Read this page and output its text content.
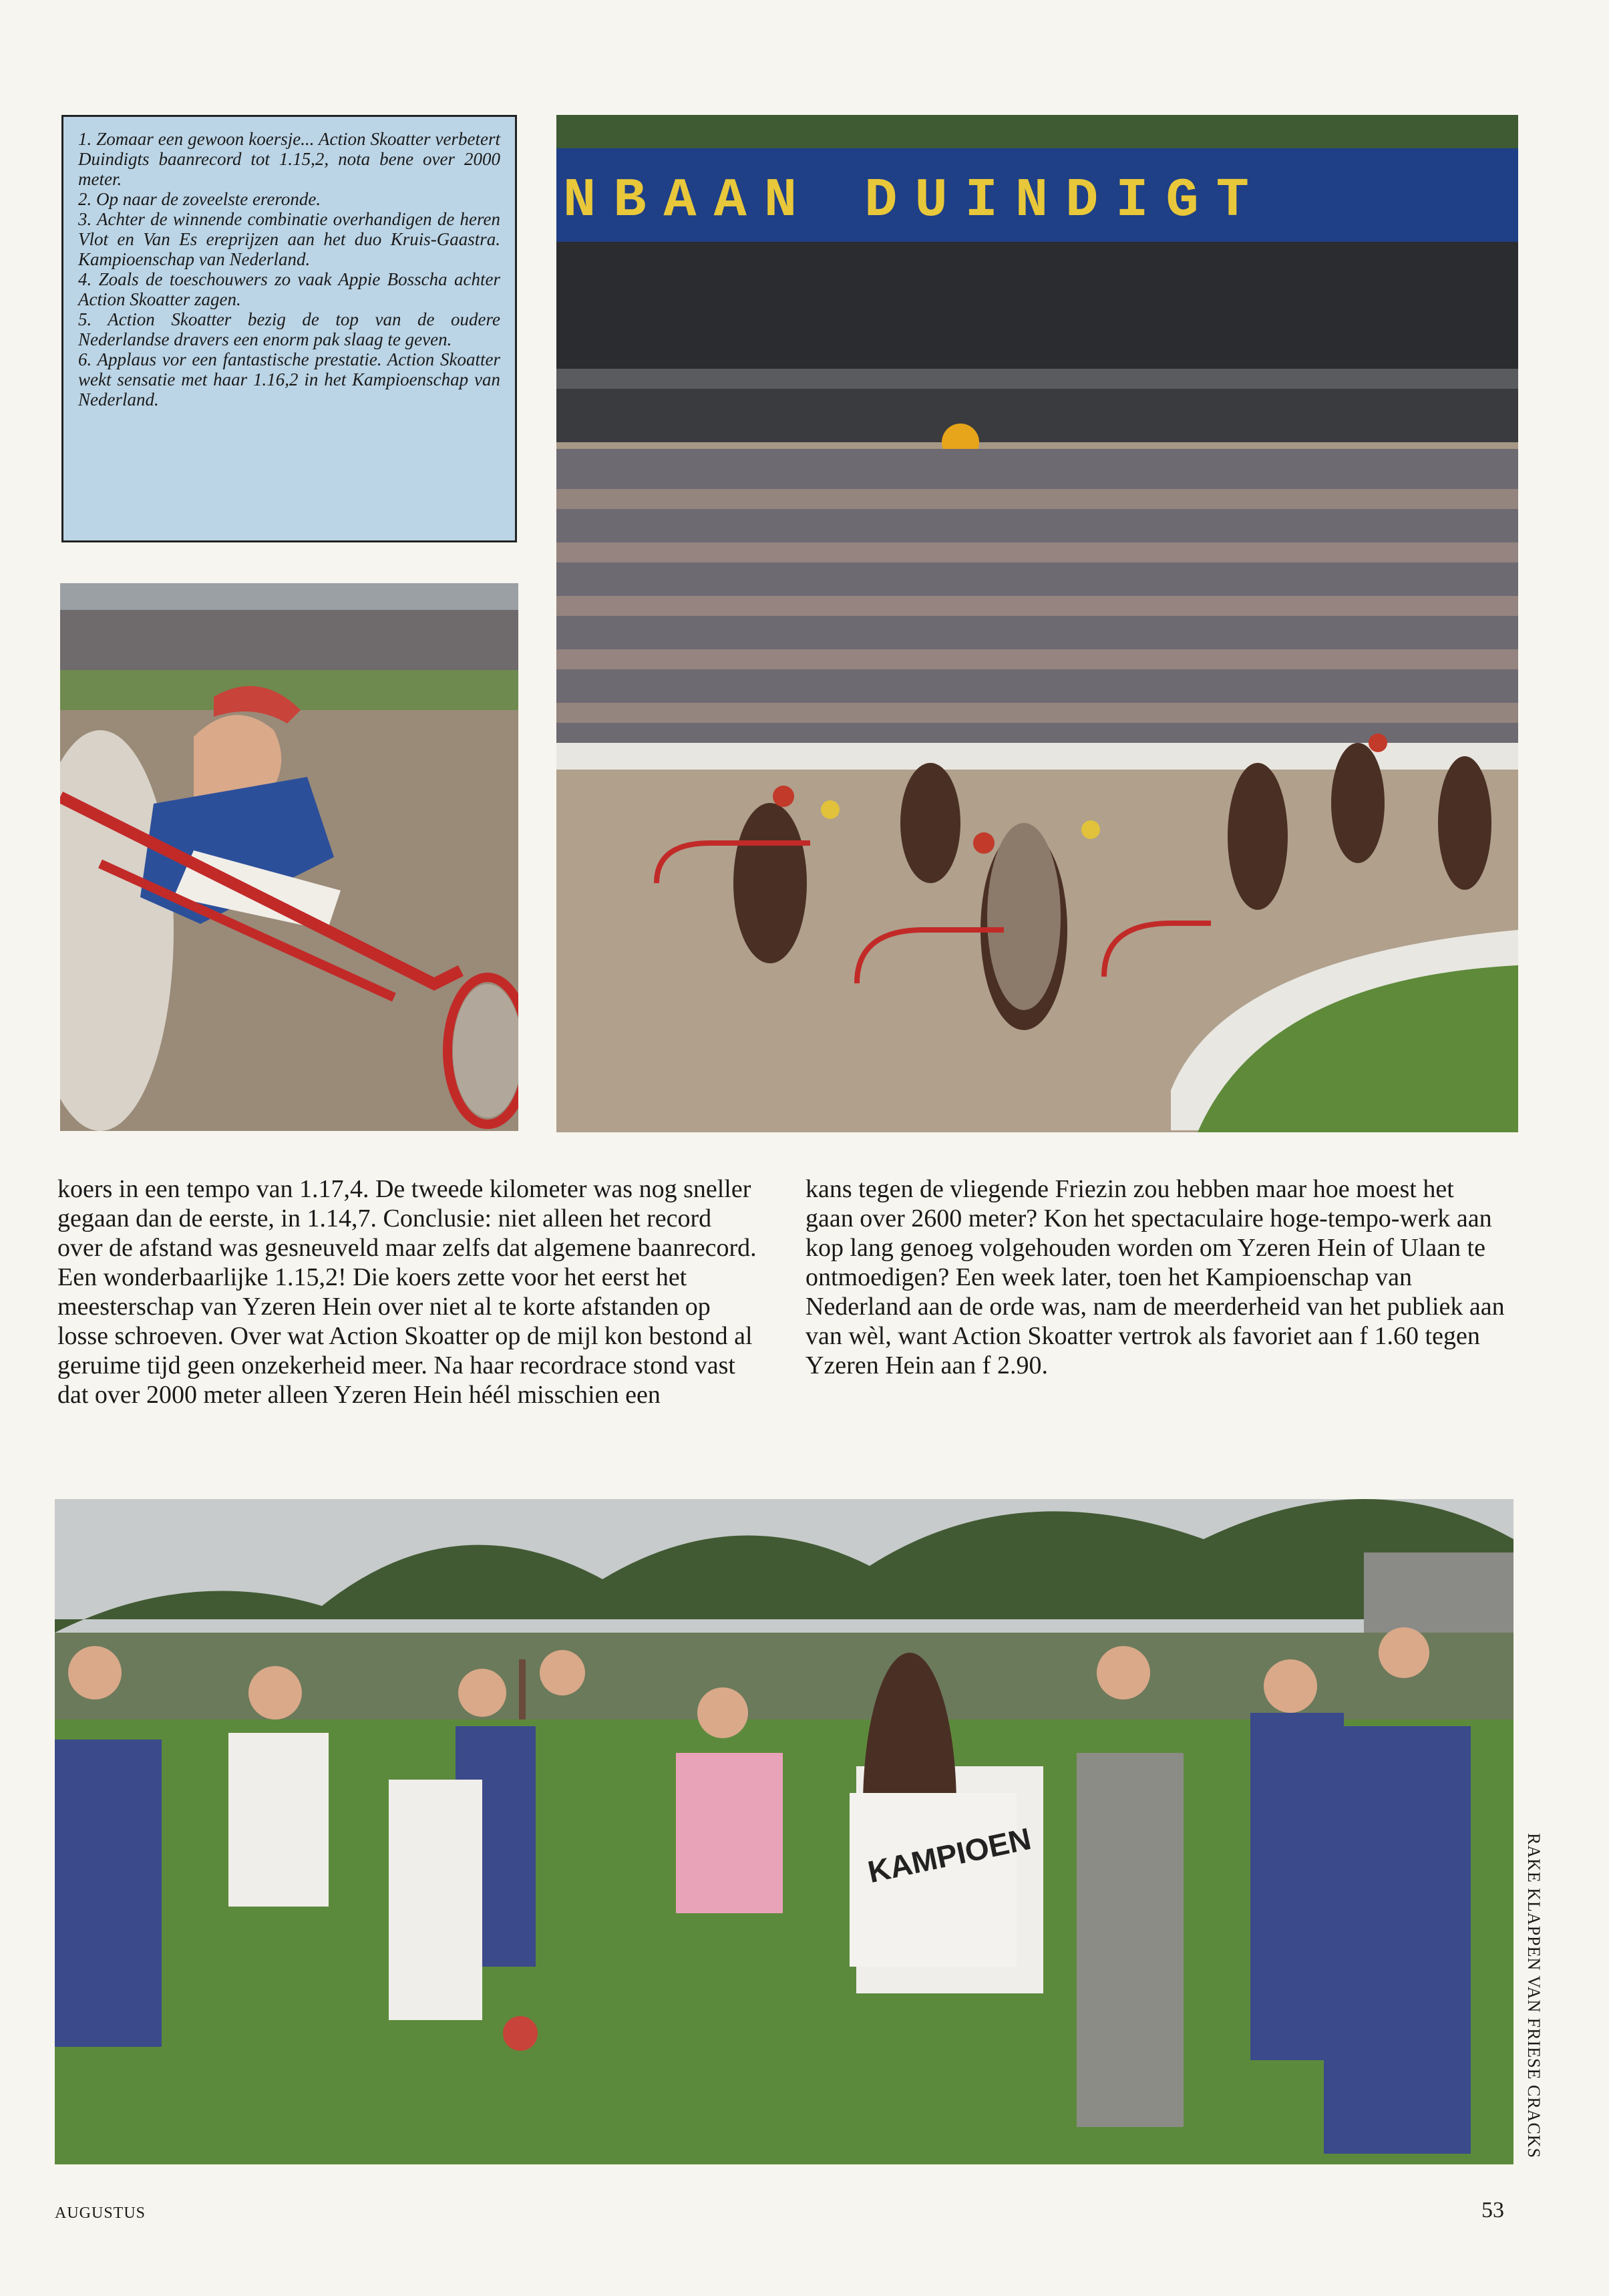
1. Zomaar een gewoon koersje... Action Skoatter verbetert Duindigts baanrecord tot 1.15,2, nota bene over 2000 meter.

2. Op naar de zoveelste ereronde.

3. Achter de winnende combinatie overhandigen de heren Vlot en Van Es ereprijzen aan het duo Kruis-Gaastra. Kampioenschap van Nederland.

4. Zoals de toeschouwers zo vaak Appie Bosscha achter Action Skoatter zagen.

5. Action Skoatter bezig de top van de oudere Nederlandse dravers een enorm pak slaag te geven.

6. Applaus vor een fantastische prestatie. Action Skoatter wekt sensatie met haar 1.16,2 in het Kampioenschap van Nederland.

NBAAN DUINDIGT

koers in een tempo van 1.17,4. De tweede kilometer was nog sneller gegaan dan de eerste, in 1.14,7. Conclusie: niet alleen het record over de afstand was gesneuveld maar zelfs dat algemene baanrecord. Een wonderbaarlijke 1.15,2! Die koers zette voor het eerst het meesterschap van Yzeren Hein over niet al te korte afstanden op losse schroeven. Over wat Action Skoatter op de mijl kon bestond al geruime tijd geen onzekerheid meer. Na haar recordrace stond vast dat over 2000 meter alleen Yzeren Hein héél misschien een

kans tegen de vliegende Friezin zou hebben maar hoe moest het gaan over 2600 meter? Kon het spectaculaire hoge-tempo-werk aan kop lang genoeg volgehouden worden om Yzeren Hein of Ulaan te ontmoedigen? Een week later, toen het Kampioenschap van Nederland aan de orde was, nam de meerderheid van het publiek aan van wèl, want Action Skoatter vertrok als favoriet aan f 1.60 tegen Yzeren Hein aan f 2.90.

KAMPIOEN	RAKE KLAPPEN VAN FRIESE CRACKS
AUGUSTUS	53
